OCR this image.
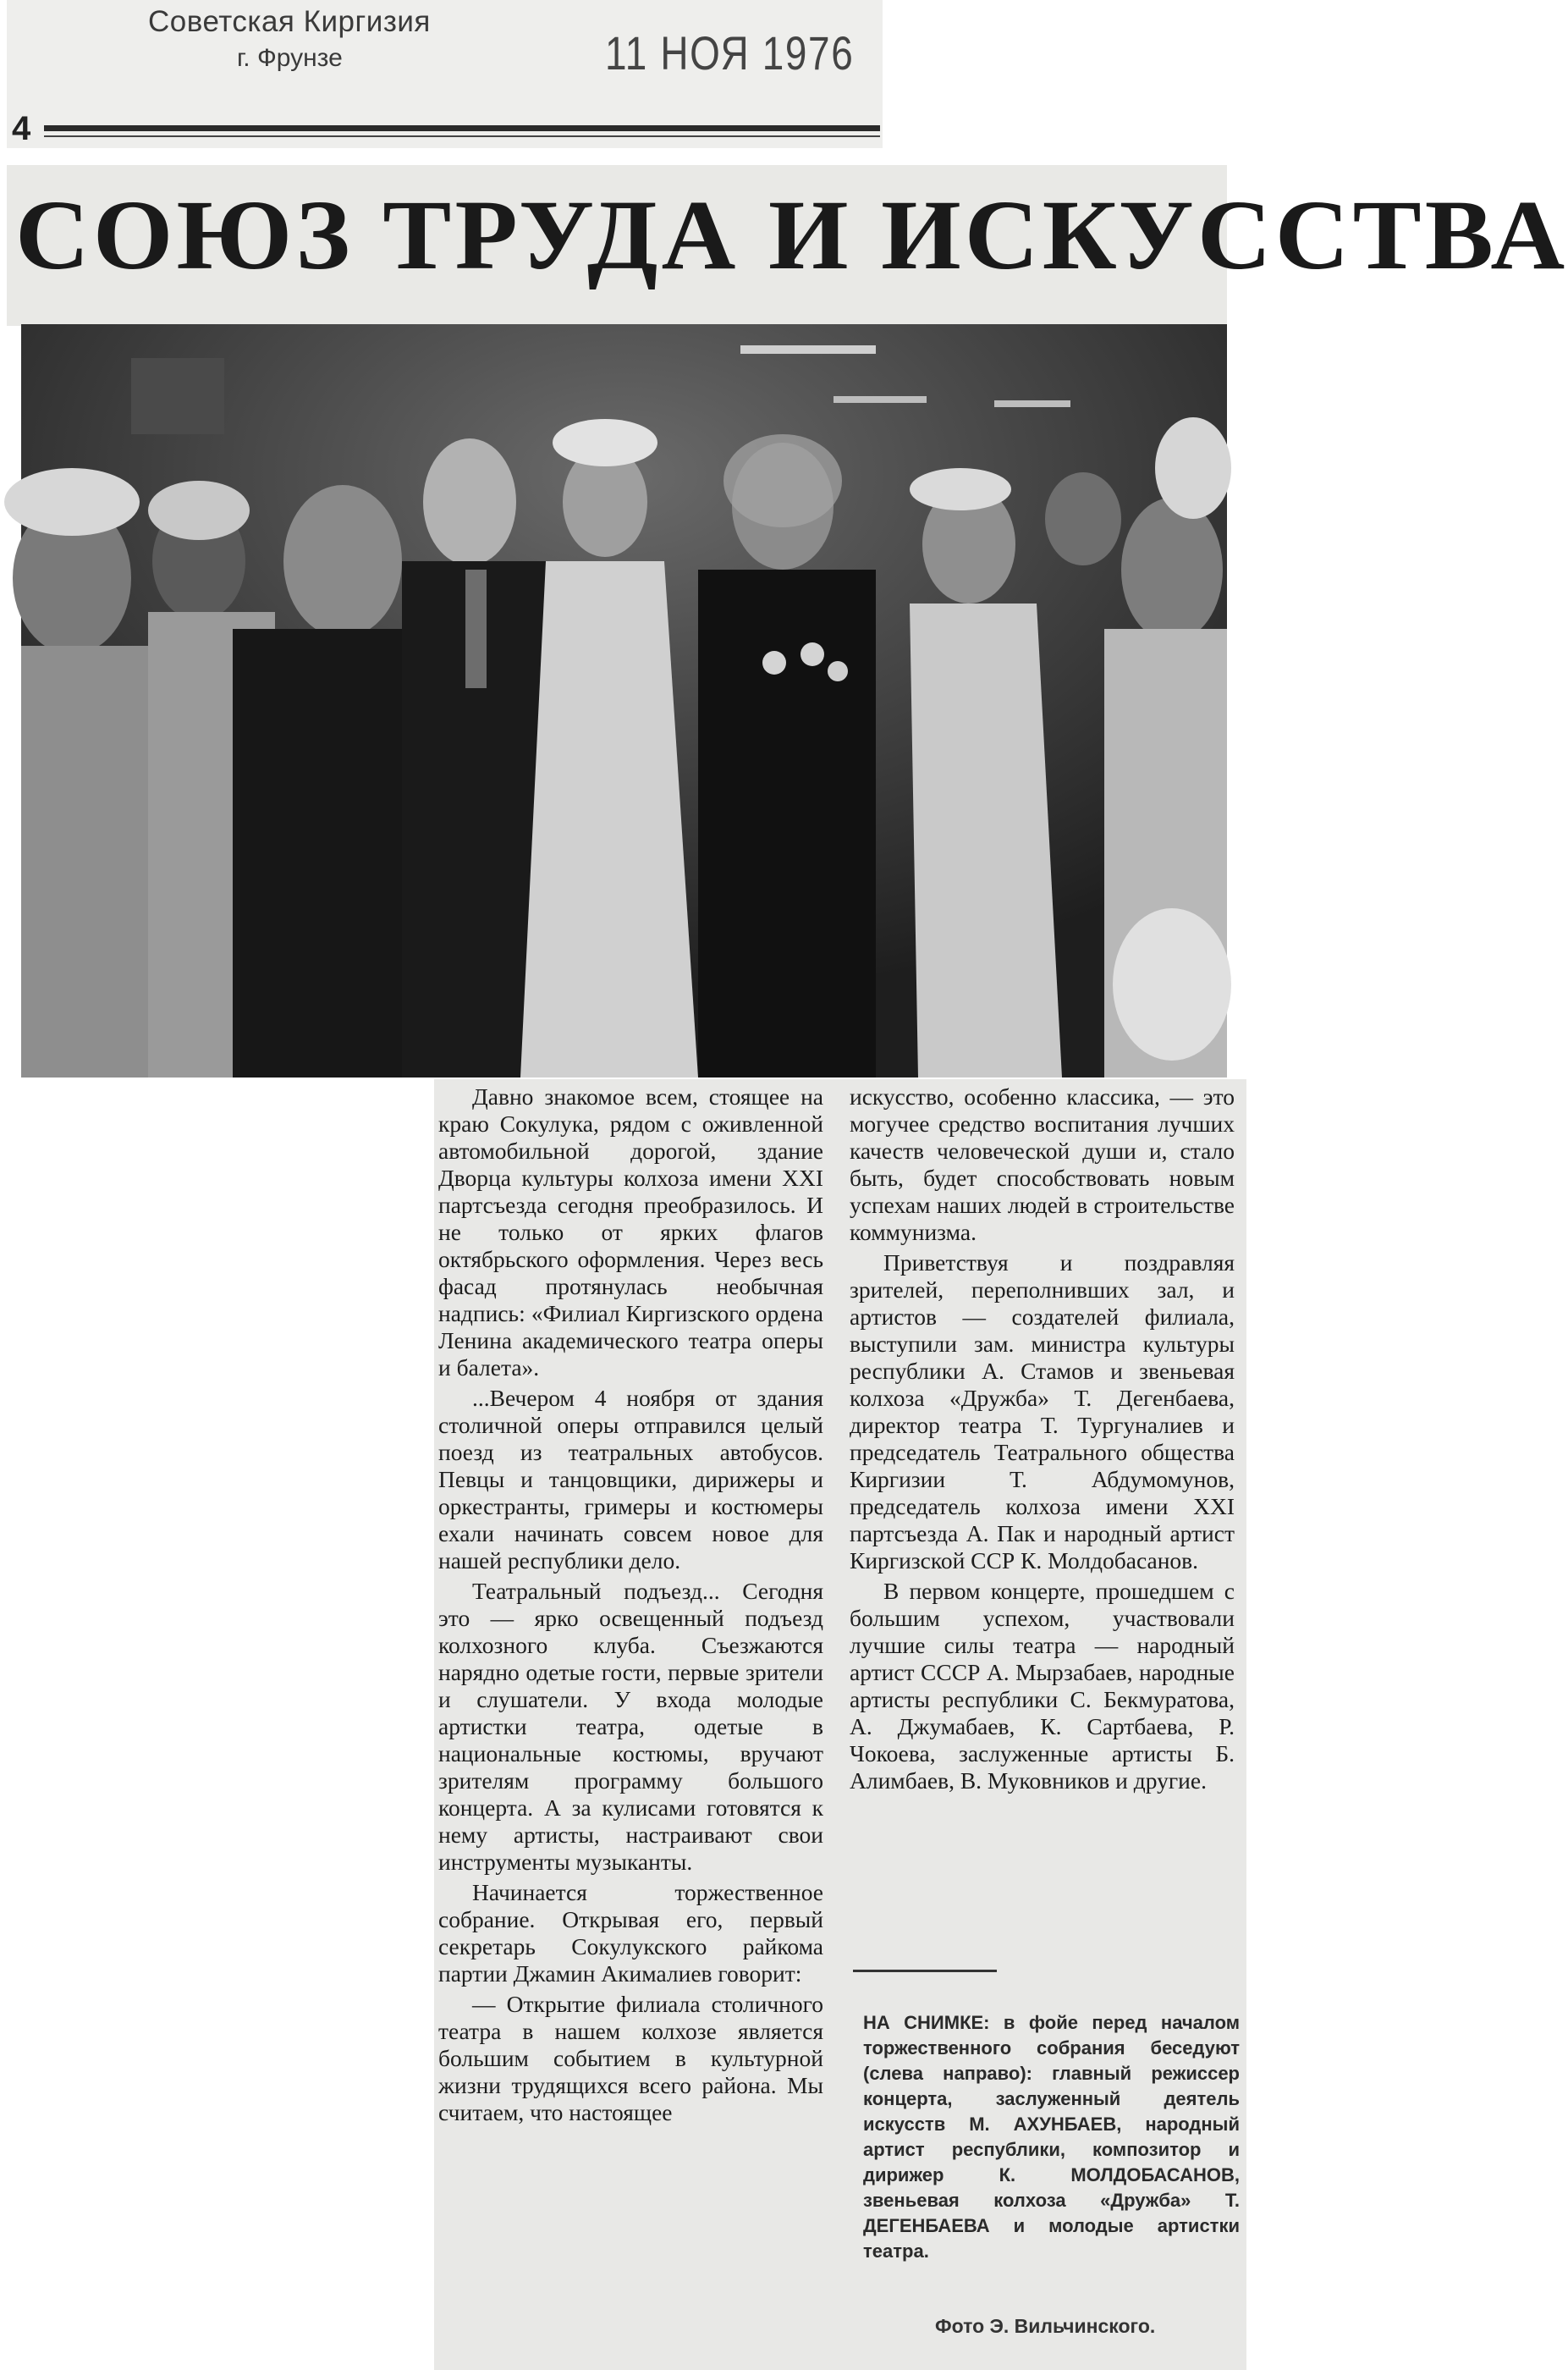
Советская Киргизия
г. Фрунзе	11 НОЯ 1976
4
СОЮЗ ТРУДА И ИСКУССТВА

Давно знакомое всем, стоящее на краю Сокулука, рядом с оживленной автомобильной дорогой, здание Дворца культуры колхоза имени XXI партсъезда сегодня преобразилось. И не только от ярких флагов октябрьского оформления. Через весь фасад протянулась необычная надпись: «Филиал Киргизского ордена Ленина академического театра оперы и балета».

...Вечером 4 ноября от здания столичной оперы отправился целый поезд из театральных автобусов. Певцы и танцовщики, дирижеры и оркестранты, гримеры и костюмеры ехали начинать совсем новое для нашей республики дело.

Театральный подъезд... Сегодня это — ярко освещенный подъезд колхозного клуба. Съезжаются нарядно одетые гости, первые зрители и слушатели. У входа молодые артистки театра, одетые в национальные костюмы, вручают зрителям программу большого концерта. А за кулисами готовятся к нему артисты, настраивают свои инструменты музыканты.

Начинается торжественное собрание. Открывая его, первый секретарь Сокулукского райкома партии Джамин Акималиев говорит:

— Открытие филиала столичного театра в нашем колхозе является большим событием в культурной жизни трудящихся всего района. Мы считаем, что настоящее

искусство, особенно классика, — это могучее средство воспитания лучших качеств человеческой души и, стало быть, будет способствовать новым успехам наших людей в строительстве коммунизма.

Приветствуя и поздравляя зрителей, переполнивших зал, и артистов — создателей филиала, выступили зам. министра культуры республики А. Стамов и звеньевая колхоза «Дружба» Т. Дегенбаева, директор театра Т. Тургуналиев и председатель Театрального общества Киргизии Т. Абдумомунов, председатель колхоза имени XXI партсъезда А. Пак и народный артист Киргизской ССР К. Молдобасанов.

В первом концерте, прошедшем с большим успехом, участвовали лучшие силы театра — народный артист СССР А. Мырзабаев, народные артисты республики С. Бекмуратова, А. Джумабаев, К. Сартбаева, Р. Чокоева, заслуженные артисты Б. Алимбаев, В. Муковников и другие.

НА СНИМКЕ: в фойе перед началом торжественного собрания беседуют (слева направо): главный режиссер концерта, заслуженный деятель искусств М. АХУНБАЕВ, народный артист республики, композитор и дирижер К. МОЛДОБАСАНОВ, звеньевая колхоза «Дружба» Т. ДЕГЕНБАЕВА и молодые артистки театра.
Фото Э. Вильчинского.
